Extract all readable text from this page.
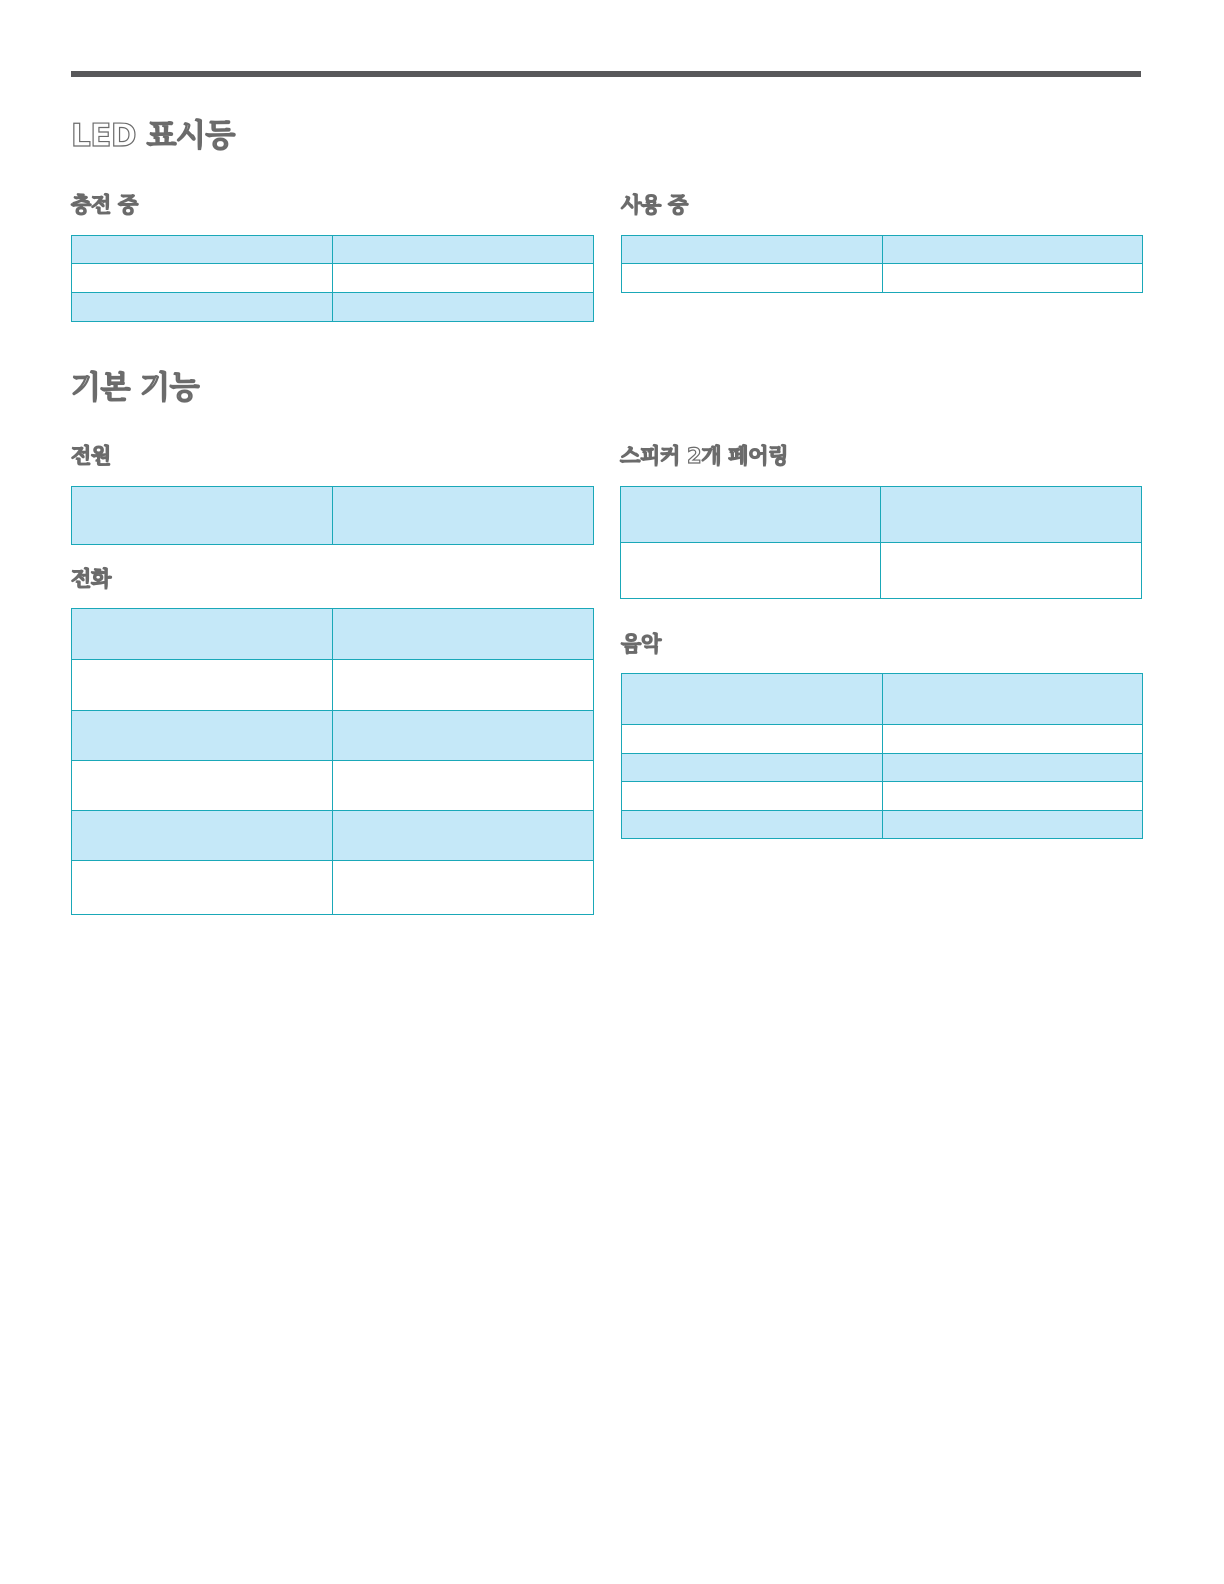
LED 표시등
충전 중

		사용 중

기본 기능
전원
		스피커 2개 페어링

전화

음악
